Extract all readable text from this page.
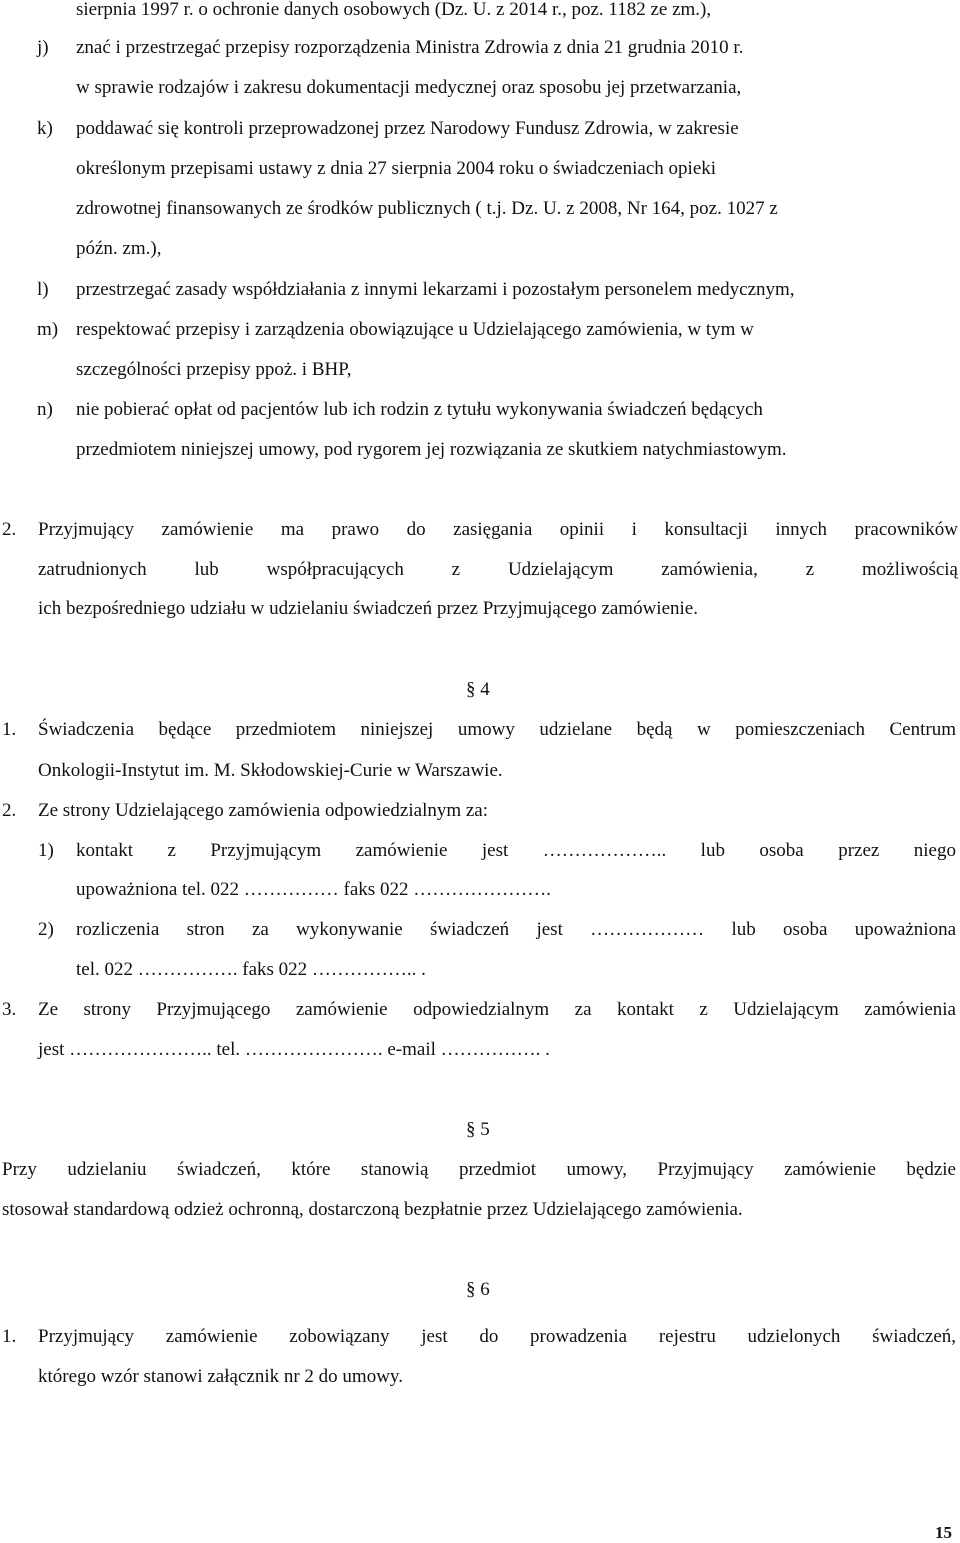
sierpnia 1997 r. o ochronie danych osobowych (Dz. U. z 2014 r., poz. 1182 ze zm.),
j) znać i przestrzegać przepisy rozporządzenia Ministra Zdrowia z dnia 21 grudnia 2010 r.
w sprawie rodzajów i zakresu dokumentacji medycznej oraz sposobu jej przetwarzania,
k) poddawać się kontroli przeprowadzonej przez Narodowy Fundusz Zdrowia, w zakresie
określonym przepisami ustawy z dnia 27 sierpnia 2004 roku o świadczeniach opieki
zdrowotnej finansowanych ze środków publicznych ( t.j. Dz. U. z 2008, Nr 164, poz. 1027 z
późn. zm.),
l) przestrzegać zasady współdziałania z innymi lekarzami i pozostałym personelem medycznym,
m) respektować przepisy i zarządzenia obowiązujące u Udzielającego zamówienia, w tym w
szczególności przepisy ppoż. i BHP,
n) nie pobierać opłat od pacjentów lub ich rodzin z tytułu wykonywania świadczeń będących
przedmiotem niniejszej umowy, pod rygorem jej rozwiązania ze skutkiem natychmiastowym.
2. Przyjmujący zamówienie ma prawo do zasięgania opinii i konsultacji innych pracowników
zatrudnionych lub współpracujących z Udzielającym zamówienia, z możliwością
ich bezpośredniego udziału w udzielaniu świadczeń przez Przyjmującego zamówienie.
§ 4
1. Świadczenia będące przedmiotem niniejszej umowy udzielane będą w pomieszczeniach Centrum
Onkologii-Instytut im. M. Skłodowskiej-Curie w Warszawie.
2. Ze strony Udzielającego zamówienia odpowiedzialnym za:
1) kontakt z Przyjmującym zamówienie jest ……………….. lub osoba przez niego
upoważniona tel. 022 …………… faks 022 ………………….
2) rozliczenia stron za wykonywanie świadczeń jest ……………… lub osoba upoważniona
tel. 022 ……………. faks 022 …………….. .
3. Ze strony Przyjmującego zamówienie odpowiedzialnym za kontakt z Udzielającym zamówienia
jest ………………….. tel. …………………. e-mail ……………. .
§ 5
Przy udzielaniu świadczeń, które stanowią przedmiot umowy, Przyjmujący zamówienie będzie
stosował standardową odzież ochronną, dostarczoną bezpłatnie przez Udzielającego zamówienia.
§ 6
1. Przyjmujący zamówienie zobowiązany jest do prowadzenia rejestru udzielonych świadczeń,
którego wzór stanowi załącznik nr 2 do umowy.
15
